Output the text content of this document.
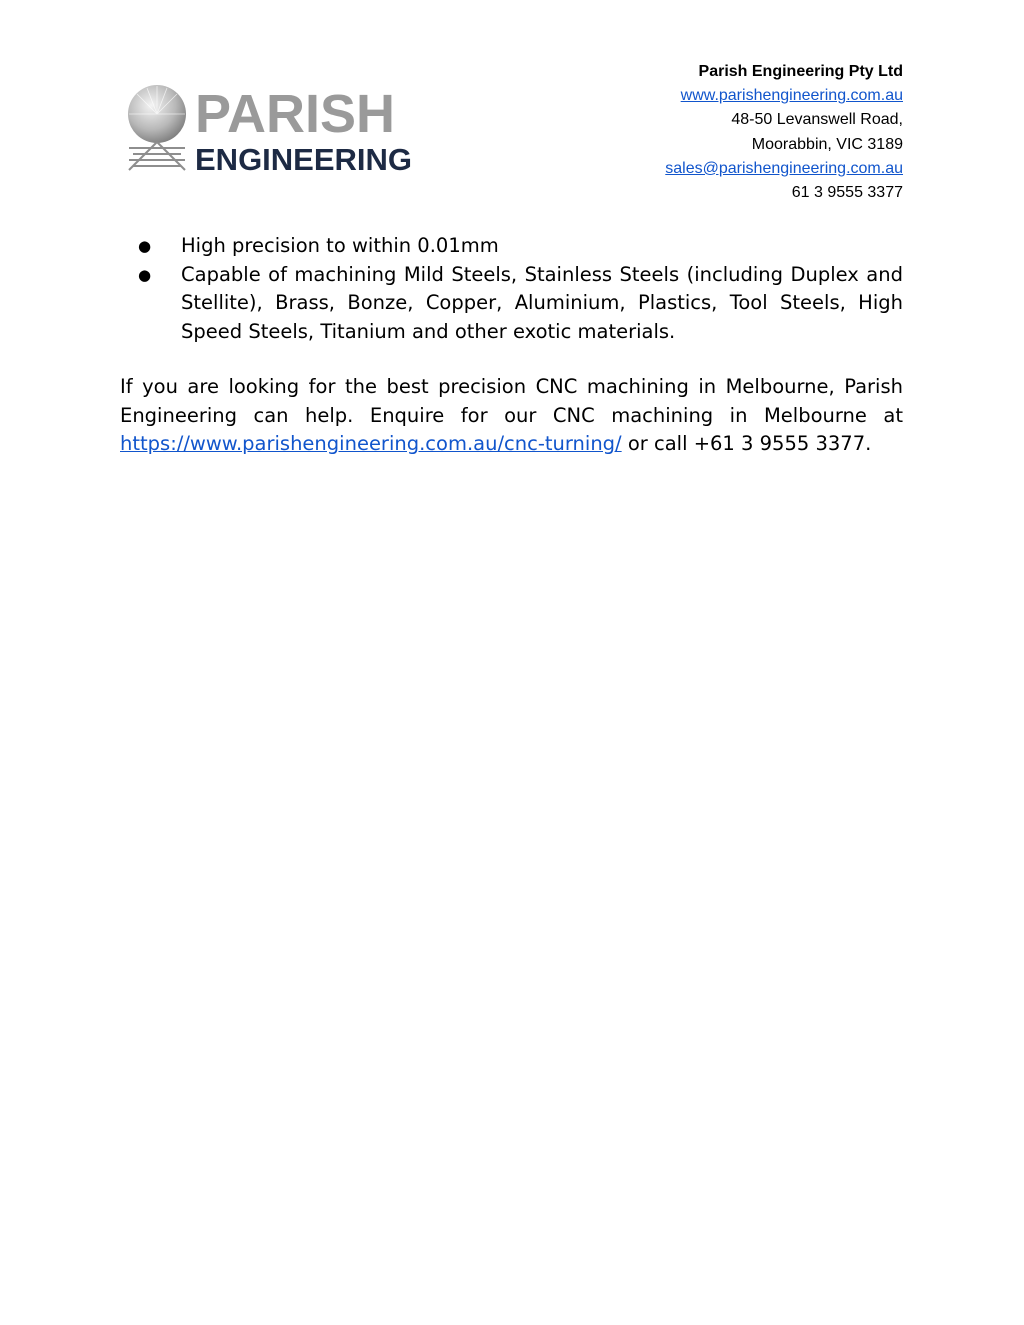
PARISH
ENGINEERING
Parish Engineering Pty Ltd
www.parishengineering.com.au
48-50 Levanswell Road,
Moorabbin, VIC 3189
sales@parishengineering.com.au
61 3 9555 3377
● High precision to within 0.01mm
● Capable of machining Mild Steels, Stainless Steels (including Duplex and Stellite), Brass, Bonze, Copper, Aluminium, Plastics, Tool Steels, High Speed Steels, Titanium and other exotic materials.

If you are looking for the best precision CNC machining in Melbourne, Parish Engineering can help. Enquire for our CNC machining in Melbourne at https://www.parishengineering.com.au/cnc-turning/ or call +61 3 9555 3377.
